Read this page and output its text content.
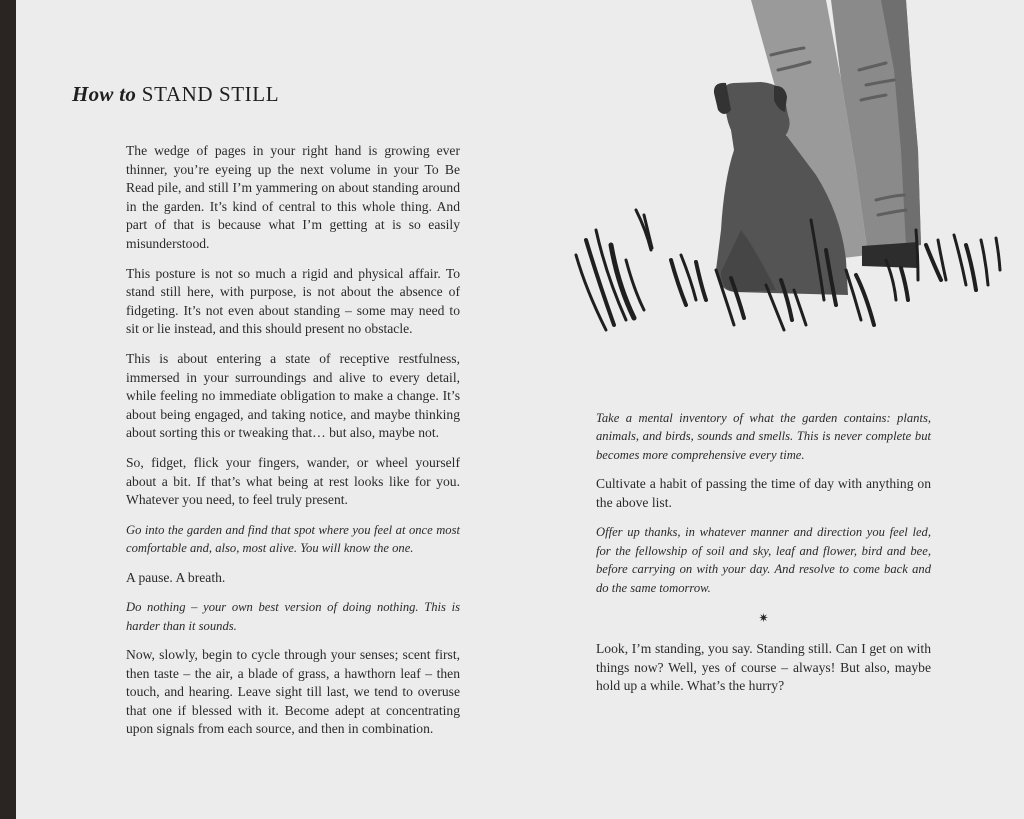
How to STAND STILL

The wedge of pages in your right hand is growing ever thinner, you’re eyeing up the next volume in your To Be Read pile, and still I’m yammering on about standing around in the garden. It’s kind of central to this whole thing. And part of that is because what I’m getting at is so easily misunderstood.

This posture is not so much a rigid and physical affair. To stand still here, with purpose, is not about the absence of fidgeting. It’s not even about standing – some may need to sit or lie instead, and this should present no obstacle.

This is about entering a state of receptive restfulness, immersed in your surroundings and alive to every detail, while feeling no immediate obligation to make a change. It’s about being engaged, and taking notice, and maybe thinking about sorting this or tweaking that… but also, maybe not.

So, fidget, flick your fingers, wander, or wheel yourself about a bit. If that’s what being at rest looks like for you. Whatever you need, to feel truly present.

Go into the garden and find that spot where you feel at once most comfortable and, also, most alive. You will know the one.

A pause. A breath.

Do nothing – your own best version of doing nothing. This is harder than it sounds.

Now, slowly, begin to cycle through your senses; scent first, then taste – the air, a blade of grass, a hawthorn leaf – then touch, and hearing. Leave sight till last, we tend to overuse that one if blessed with it. Become adept at concentrating upon signals from each source, and then in combination.

Take a mental inventory of what the garden contains: plants, animals, and birds, sounds and smells. This is never complete but becomes more comprehensive every time.

Cultivate a habit of passing the time of day with anything on the above list.

Offer up thanks, in whatever manner and direction you feel led, for the fellowship of soil and sky, leaf and flower, bird and bee, before carrying on with your day. And resolve to come back and do the same tomorrow.

✷

Look, I’m standing, you say. Standing still. Can I get on with things now? Well, yes of course – always! But also, maybe hold up a while. What’s the hurry?
